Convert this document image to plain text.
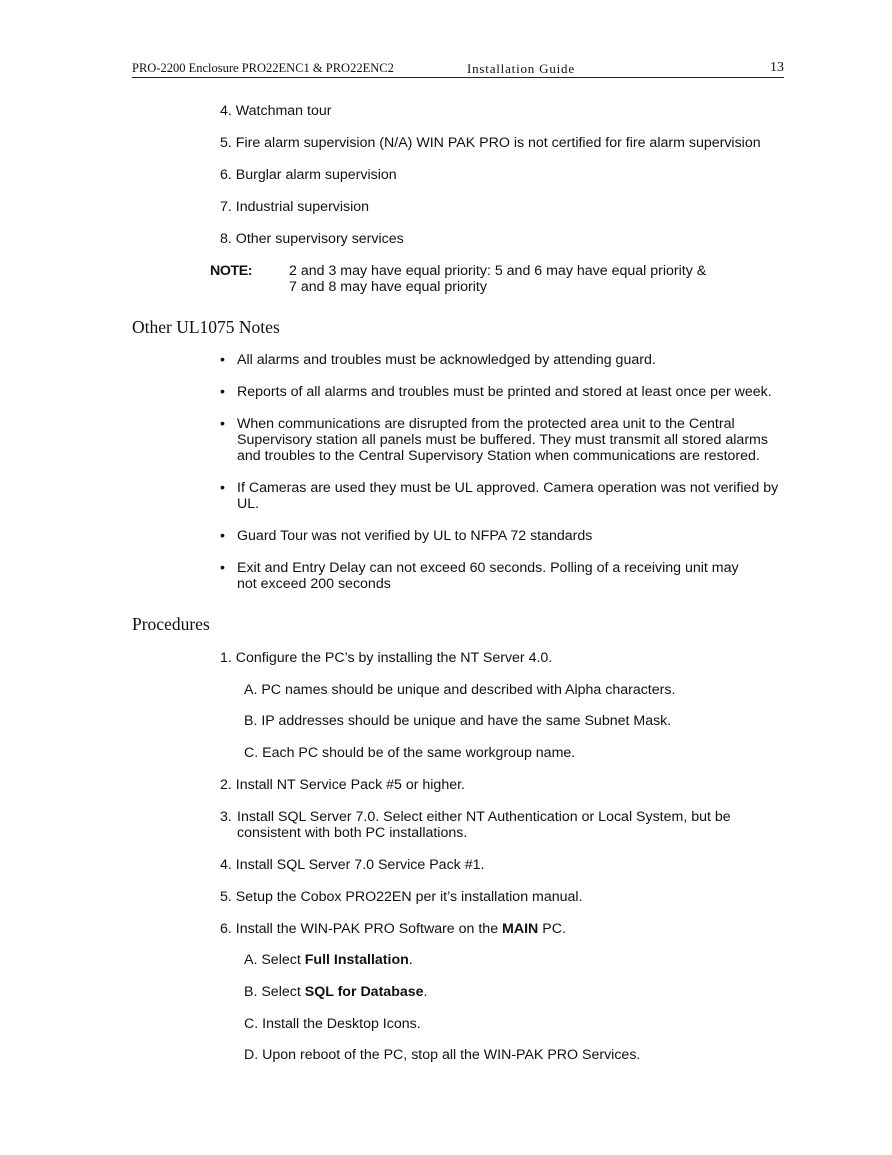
PRO-2200 Enclosure PRO22ENC1 & PRO22ENC2	Installation Guide	13
4. Watchman tour
5. Fire alarm supervision (N/A) WIN PAK PRO is not certified for fire alarm supervision
6. Burglar alarm supervision
7. Industrial supervision
8. Other supervisory services
NOTE:	2 and 3 may have equal priority: 5 and 6 may have equal priority &
7 and 8 may have equal priority
Other UL1075 Notes
• All alarms and troubles must be acknowledged by attending guard.
• Reports of all alarms and troubles must be printed and stored at least once per week.
• When communications are disrupted from the protected area unit to the Central
Supervisory station all panels must be buffered. They must transmit all stored alarms
and troubles to the Central Supervisory Station when communications are restored.
• If Cameras are used they must be UL approved. Camera operation was not verified by
UL.
• Guard Tour was not verified by UL to NFPA 72 standards
• Exit and Entry Delay can not exceed 60 seconds. Polling of a receiving unit may
not exceed 200 seconds
Procedures
1. Configure the PC’s by installing the NT Server 4.0.
A. PC names should be unique and described with Alpha characters.
B. IP addresses should be unique and have the same Subnet Mask.
C. Each PC should be of the same workgroup name.
2. Install NT Service Pack #5 or higher.
3. Install SQL Server 7.0. Select either NT Authentication or Local System, but be
consistent with both PC installations.
4. Install SQL Server 7.0 Service Pack #1.
5. Setup the Cobox PRO22EN per it’s installation manual.
6. Install the WIN-PAK PRO Software on the MAIN PC.
A. Select Full Installation.
B. Select SQL for Database.
C. Install the Desktop Icons.
D. Upon reboot of the PC, stop all the WIN-PAK PRO Services.
